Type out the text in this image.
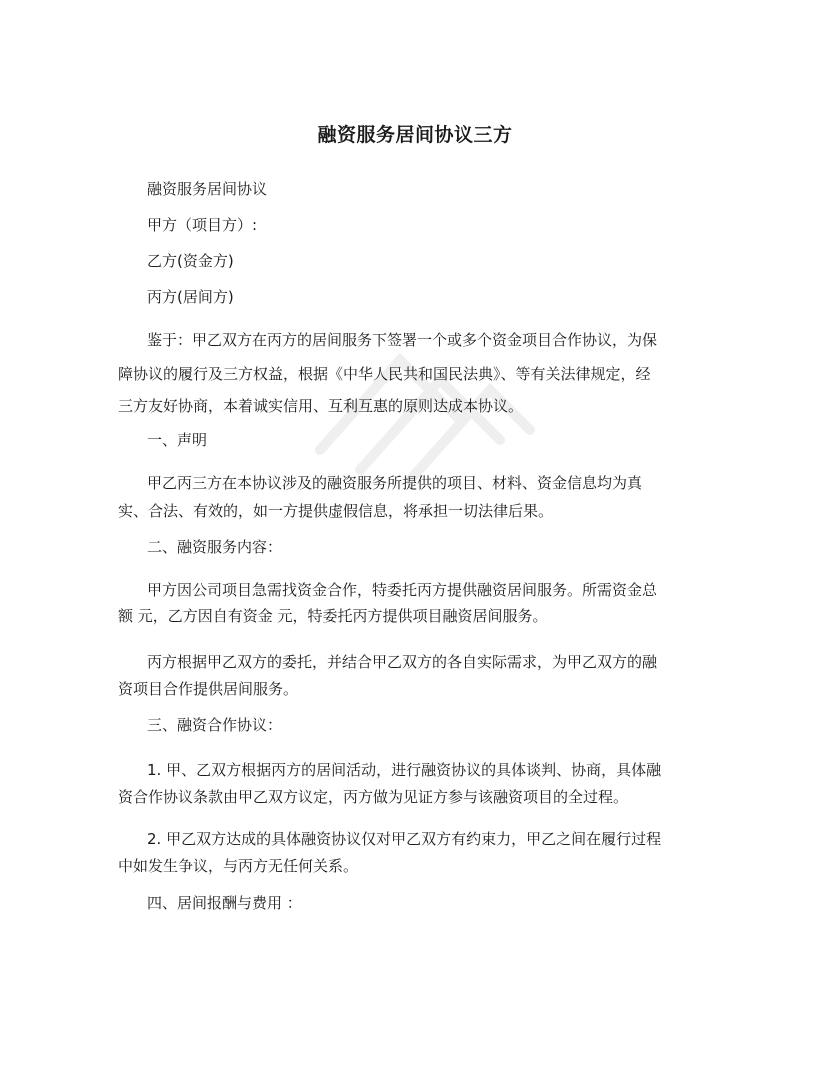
融资服务居间协议三方
融资服务居间协议
甲方（项目方）:
乙方(资金方)
丙方(居间方)
鉴于：甲乙双方在丙方的居间服务下签署一个或多个资金项目合作协议，为保
障协议的履行及三方权益，根据《中华人民共和国民法典》、等有关法律规定，经
三方友好协商，本着诚实信用、互利互惠的原则达成本协议。
一、声明
甲乙丙三方在本协议涉及的融资服务所提供的项目、材料、资金信息均为真
实、合法、有效的，如一方提供虚假信息，将承担一切法律后果。
二、融资服务内容：
甲方因公司项目急需找资金合作，特委托丙方提供融资居间服务。所需资金总
额 元，乙方因自有资金 元，特委托丙方提供项目融资居间服务。
丙方根据甲乙双方的委托，并结合甲乙双方的各自实际需求，为甲乙双方的融
资项目合作提供居间服务。
三、融资合作协议：
1. 甲、乙双方根据丙方的居间活动，进行融资协议的具体谈判、协商，具体融
资合作协议条款由甲乙双方议定，丙方做为见证方参与该融资项目的全过程。
2. 甲乙双方达成的具体融资协议仅对甲乙双方有约束力，甲乙之间在履行过程
中如发生争议，与丙方无任何关系。
四、居间报酬与费用 ：
